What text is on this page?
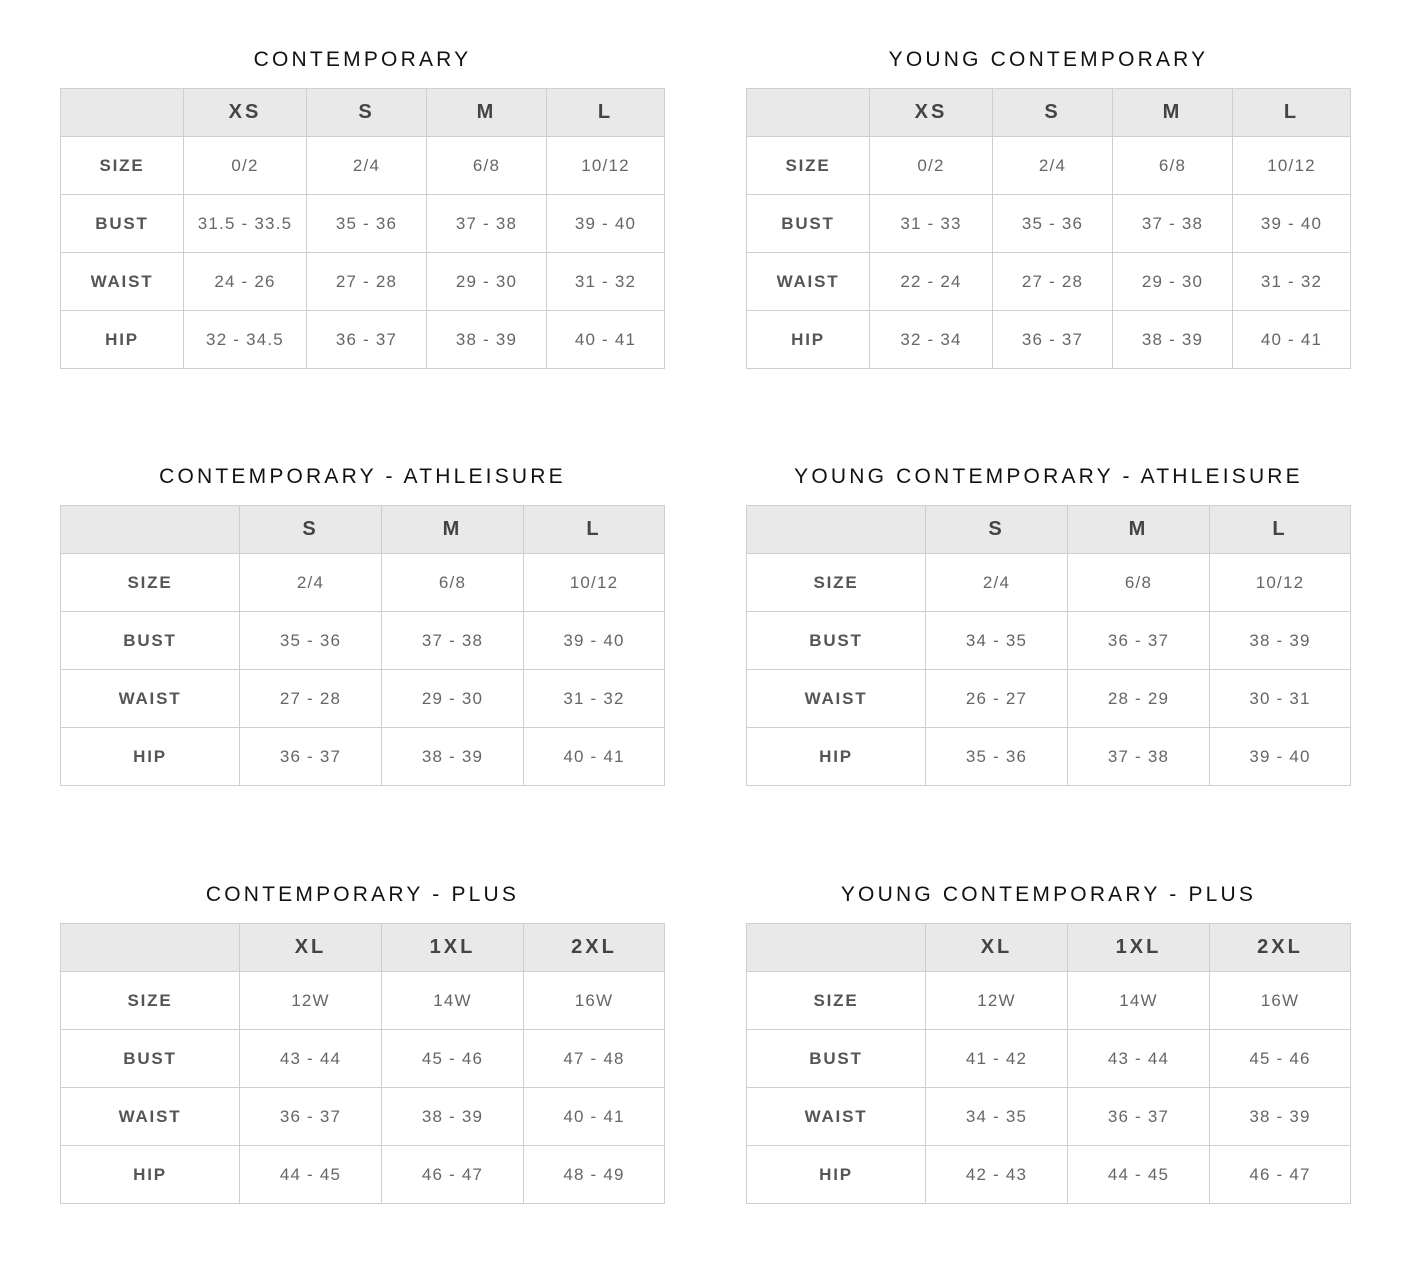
CONTEMPORARY
	XS	S	M	L
SIZE	0/2	2/4	6/8	10/12
BUST	31.5 - 33.5	35 - 36	37 - 38	39 - 40
WAIST	24 - 26	27 - 28	29 - 30	31 - 32
HIP	32 - 34.5	36 - 37	38 - 39	40 - 41
YOUNG CONTEMPORARY
	XS	S	M	L
SIZE	0/2	2/4	6/8	10/12
BUST	31 - 33	35 - 36	37 - 38	39 - 40
WAIST	22 - 24	27 - 28	29 - 30	31 - 32
HIP	32 - 34	36 - 37	38 - 39	40 - 41
CONTEMPORARY - ATHLEISURE
	S	M	L
SIZE	2/4	6/8	10/12
BUST	35 - 36	37 - 38	39 - 40
WAIST	27 - 28	29 - 30	31 - 32
HIP	36 - 37	38 - 39	40 - 41
YOUNG CONTEMPORARY - ATHLEISURE
	S	M	L
SIZE	2/4	6/8	10/12
BUST	34 - 35	36 - 37	38 - 39
WAIST	26 - 27	28 - 29	30 - 31
HIP	35 - 36	37 - 38	39 - 40
CONTEMPORARY - PLUS
	XL	1XL	2XL
SIZE	12W	14W	16W
BUST	43 - 44	45 - 46	47 - 48
WAIST	36 - 37	38 - 39	40 - 41
HIP	44 - 45	46 - 47	48 - 49
YOUNG CONTEMPORARY - PLUS
	XL	1XL	2XL
SIZE	12W	14W	16W
BUST	41 - 42	43 - 44	45 - 46
WAIST	34 - 35	36 - 37	38 - 39
HIP	42 - 43	44 - 45	46 - 47
